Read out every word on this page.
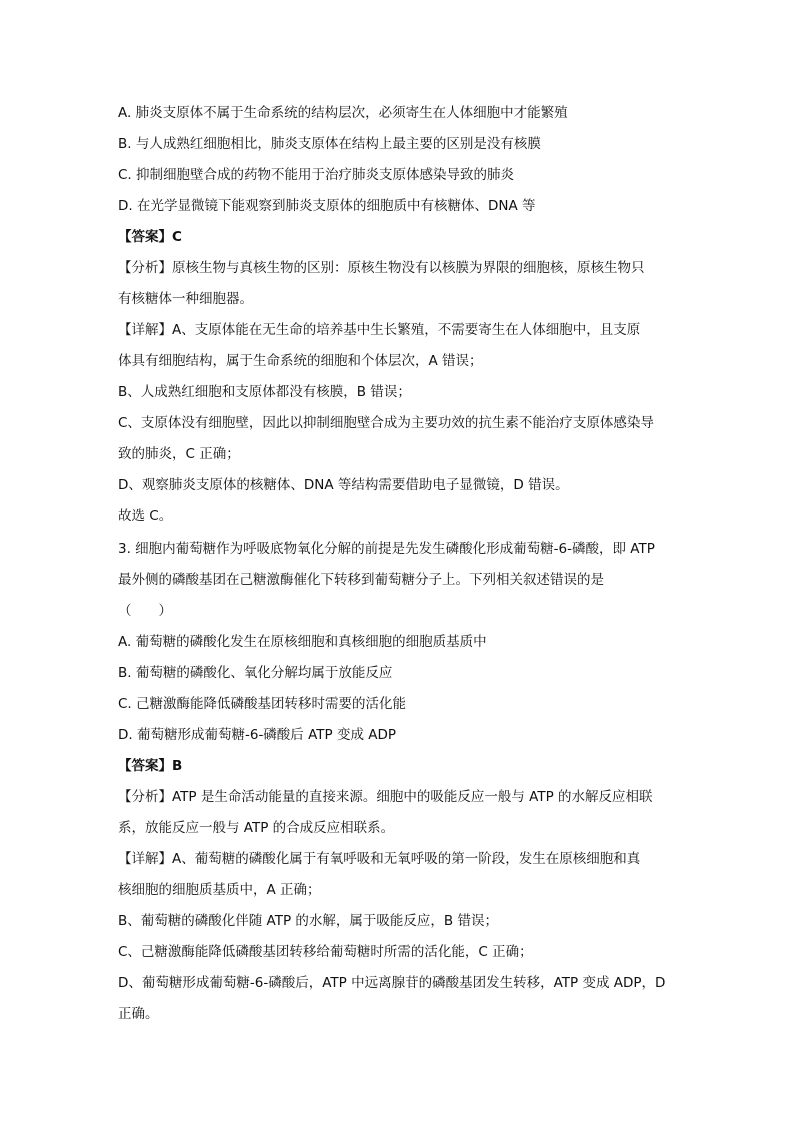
A. 肺炎支原体不属于生命系统的结构层次，必须寄生在人体细胞中才能繁殖
B. 与人成熟红细胞相比，肺炎支原体在结构上最主要的区别是没有核膜
C. 抑制细胞壁合成的药物不能用于治疗肺炎支原体感染导致的肺炎
D. 在光学显微镜下能观察到肺炎支原体的细胞质中有核糖体、DNA 等
【答案】C
【分析】原核生物与真核生物的区别：原核生物没有以核膜为界限的细胞核，原核生物只
有核糖体一种细胞器。
【详解】A、支原体能在无生命的培养基中生长繁殖，不需要寄生在人体细胞中，且支原
体具有细胞结构，属于生命系统的细胞和个体层次，A 错误；
B、人成熟红细胞和支原体都没有核膜，B 错误；
C、支原体没有细胞壁，因此以抑制细胞壁合成为主要功效的抗生素不能治疗支原体感染导
致的肺炎，C 正确；
D、观察肺炎支原体的核糖体、DNA 等结构需要借助电子显微镜，D 错误。
故选 C。
3. 细胞内葡萄糖作为呼吸底物氧化分解的前提是先发生磷酸化形成葡萄糖-6-磷酸，即 ATP
最外侧的磷酸基团在己糖激酶催化下转移到葡萄糖分子上。下列相关叙述错误的是
（　　）
A. 葡萄糖的磷酸化发生在原核细胞和真核细胞的细胞质基质中
B. 葡萄糖的磷酸化、氧化分解均属于放能反应
C. 己糖激酶能降低磷酸基团转移时需要的活化能
D. 葡萄糖形成葡萄糖-6-磷酸后 ATP 变成 ADP
【答案】B
【分析】ATP 是生命活动能量的直接来源。细胞中的吸能反应一般与 ATP 的水解反应相联
系，放能反应一般与 ATP 的合成反应相联系。
【详解】A、葡萄糖的磷酸化属于有氧呼吸和无氧呼吸的第一阶段，发生在原核细胞和真
核细胞的细胞质基质中，A 正确；
B、葡萄糖的磷酸化伴随 ATP 的水解，属于吸能反应，B 错误；
C、己糖激酶能降低磷酸基团转移给葡萄糖时所需的活化能，C 正确；
D、葡萄糖形成葡萄糖-6-磷酸后，ATP 中远离腺苷的磷酸基团发生转移，ATP 变成 ADP，D
正确。
